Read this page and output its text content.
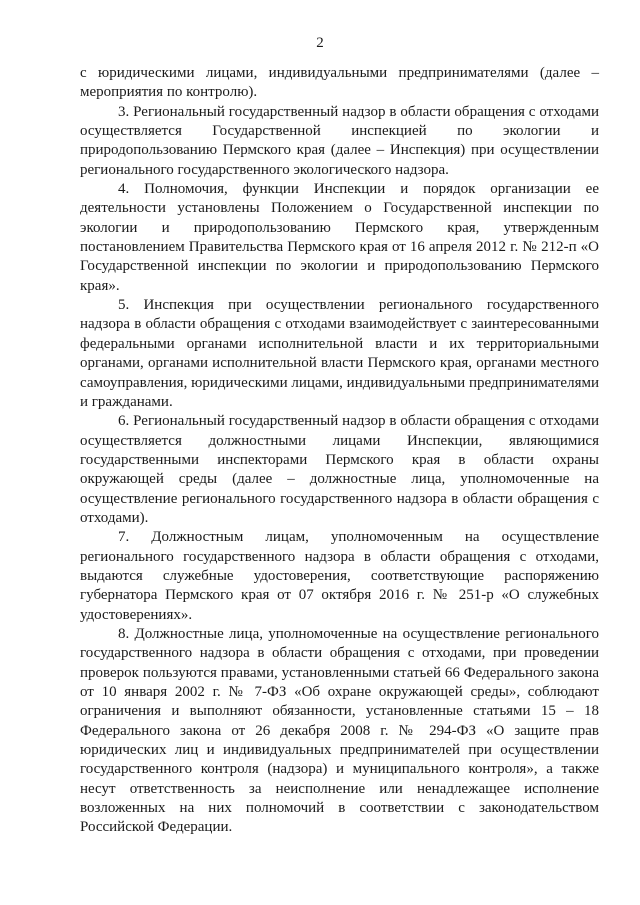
2

с юридическими лицами, индивидуальными предпринимателями (далее – мероприятия по контролю).

3. Региональный государственный надзор в области обращения с отходами осуществляется Государственной инспекцией по экологии и природопользованию Пермского края (далее – Инспекция) при осуществлении регионального государственного экологического надзора.

4. Полномочия, функции Инспекции и порядок организации ее деятельности установлены Положением о Государственной инспекции по экологии и природопользованию Пермского края, утвержденным постановлением Правительства Пермского края от 16 апреля 2012 г. № 212-п «О Государственной инспекции по экологии и природопользованию Пермского края».

5. Инспекция при осуществлении регионального государственного надзора в области обращения с отходами взаимодействует с заинтересованными федеральными органами исполнительной власти и их территориальными органами, органами исполнительной власти Пермского края, органами местного самоуправления, юридическими лицами, индивидуальными предпринимателями и гражданами.

6. Региональный государственный надзор в области обращения с отходами осуществляется должностными лицами Инспекции, являющимися государственными инспекторами Пермского края в области охраны окружающей среды (далее – должностные лица, уполномоченные на осуществление регионального государственного надзора в области обращения с отходами).

7. Должностным лицам, уполномоченным на осуществление регионального государственного надзора в области обращения с отходами, выдаются служебные удостоверения, соответствующие распоряжению губернатора Пермского края от 07 октября 2016 г. № 251-р «О служебных удостоверениях».

8. Должностные лица, уполномоченные на осуществление регионального государственного надзора в области обращения с отходами, при проведении проверок пользуются правами, установленными статьей 66 Федерального закона от 10 января 2002 г. № 7-ФЗ «Об охране окружающей среды», соблюдают ограничения и выполняют обязанности, установленные статьями 15 – 18 Федерального закона от 26 декабря 2008 г. № 294-ФЗ «О защите прав юридических лиц и индивидуальных предпринимателей при осуществлении государственного контроля (надзора) и муниципального контроля», а также несут ответственность за неисполнение или ненадлежащее исполнение возложенных на них полномочий в соответствии с законодательством Российской Федерации.
